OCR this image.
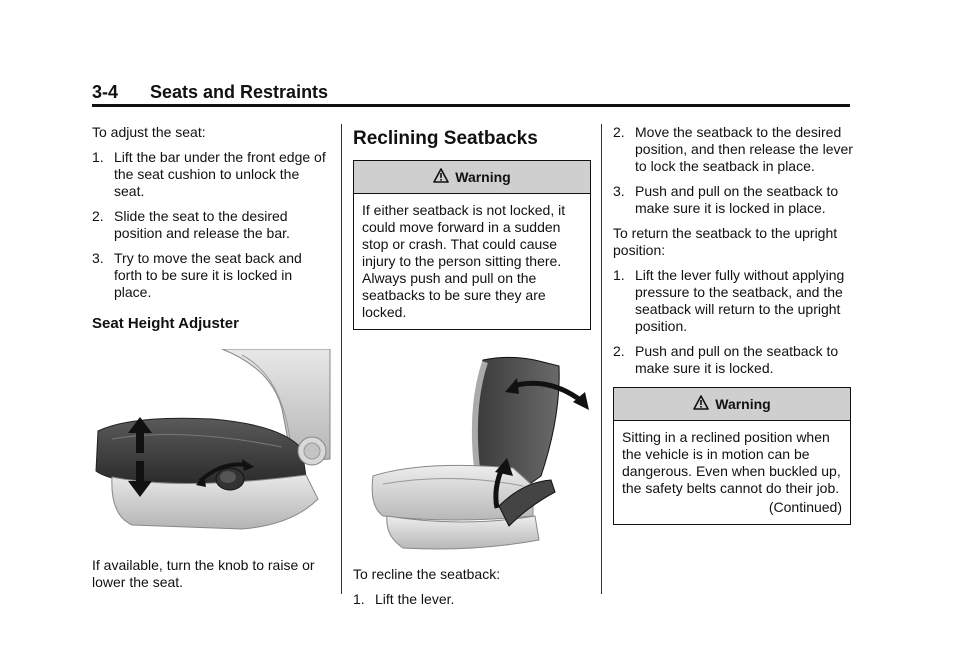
3-4 Seats and Restraints

To adjust the seat:

1. Lift the bar under the front edge of the seat cushion to unlock the seat.
2. Slide the seat to the desired position and release the bar.
3. Try to move the seat back and forth to be sure it is locked in place.
Seat Height Adjuster

If available, turn the knob to raise or lower the seat.

Reclining Seatbacks
Warning
If either seatback is not locked, it could move forward in a sudden stop or crash. That could cause injury to the person sitting there. Always push and pull on the seatbacks to be sure they are locked.

To recline the seatback:

1. Lift the lever.
2. Move the seatback to the desired position, and then release the lever to lock the seatback in place.
3. Push and pull on the seatback to make sure it is locked in place.

To return the seatback to the upright position:

1. Lift the lever fully without applying pressure to the seatback, and the seatback will return to the upright position.
2. Push and pull on the seatback to make sure it is locked.
Warning
Sitting in a reclined position when the vehicle is in motion can be dangerous. Even when buckled up, the safety belts cannot do their job.
(Continued)
